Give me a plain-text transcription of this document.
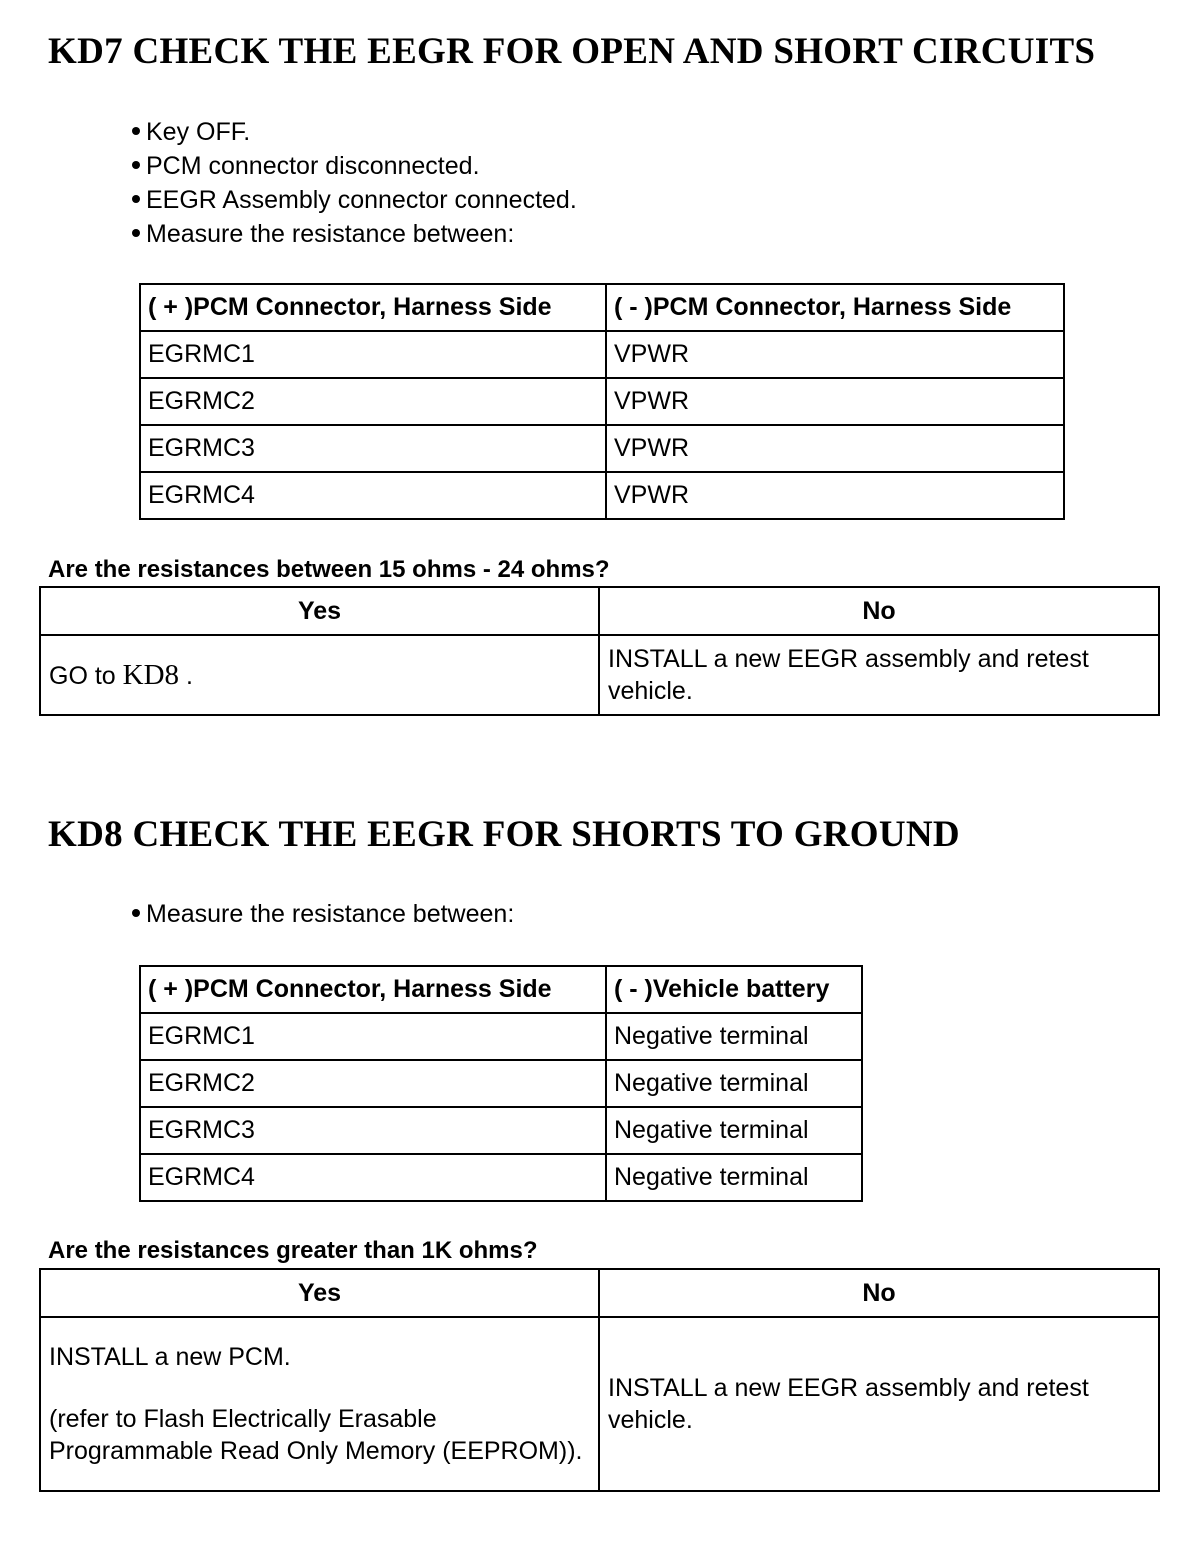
KD7 CHECK THE EEGR FOR OPEN AND SHORT CIRCUITS
Key OFF.
PCM connector disconnected.
EEGR Assembly connector connected.
Measure the resistance between:
( + )PCM Connector, Harness Side	( - )PCM Connector, Harness Side
EGRMC1	VPWR
EGRMC2	VPWR
EGRMC3	VPWR
EGRMC4	VPWR

Are the resistances between 15 ohms - 24 ohms?

Yes	No
GO to KD8 .	INSTALL a new EEGR assembly and retest vehicle.
KD8 CHECK THE EEGR FOR SHORTS TO GROUND
Measure the resistance between:
( + )PCM Connector, Harness Side	( - )Vehicle battery
EGRMC1	Negative terminal
EGRMC2	Negative terminal
EGRMC3	Negative terminal
EGRMC4	Negative terminal

Are the resistances greater than 1K ohms?

Yes	No
INSTALL a new PCM.
(refer to Flash Electrically Erasable Programmable Read Only Memory (EEPROM)).	INSTALL a new EEGR assembly and retest vehicle.
